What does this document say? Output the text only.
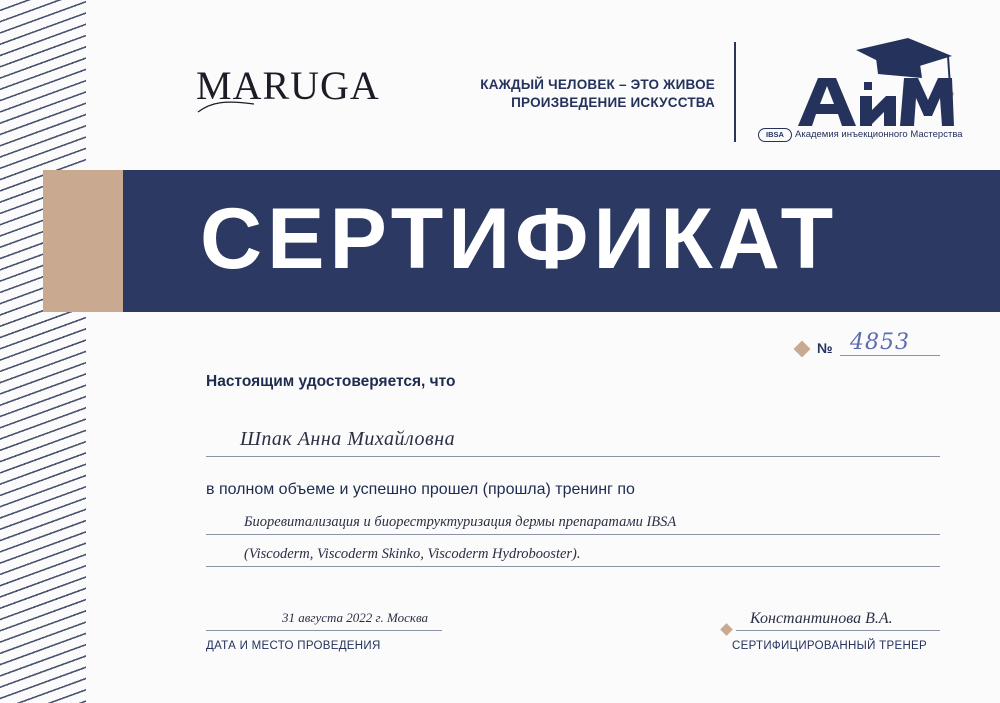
MARUGA	КАЖДЫЙ ЧЕЛОВЕК – ЭТО ЖИВОЕ
ПРОИЗВЕДЕНИЕ ИСКУССТВА
IBSA	Академия инъекционного Мастерства
СЕРТИФИКАТ
№ 4853
Настоящим удостоверяется, что
Шпак Анна Михайловна
в полном объеме и успешно прошел (прошла) тренинг по
Биоревитализация и биореструктуризация дермы препаратами IBSA
(Viscoderm, Viscoderm Skinko, Viscoderm Hydrobooster).
31 августа 2022 г. Москва
ДАТА И МЕСТО ПРОВЕДЕНИЯ
Константинова В.А.
СЕРТИФИЦИРОВАННЫЙ ТРЕНЕР
